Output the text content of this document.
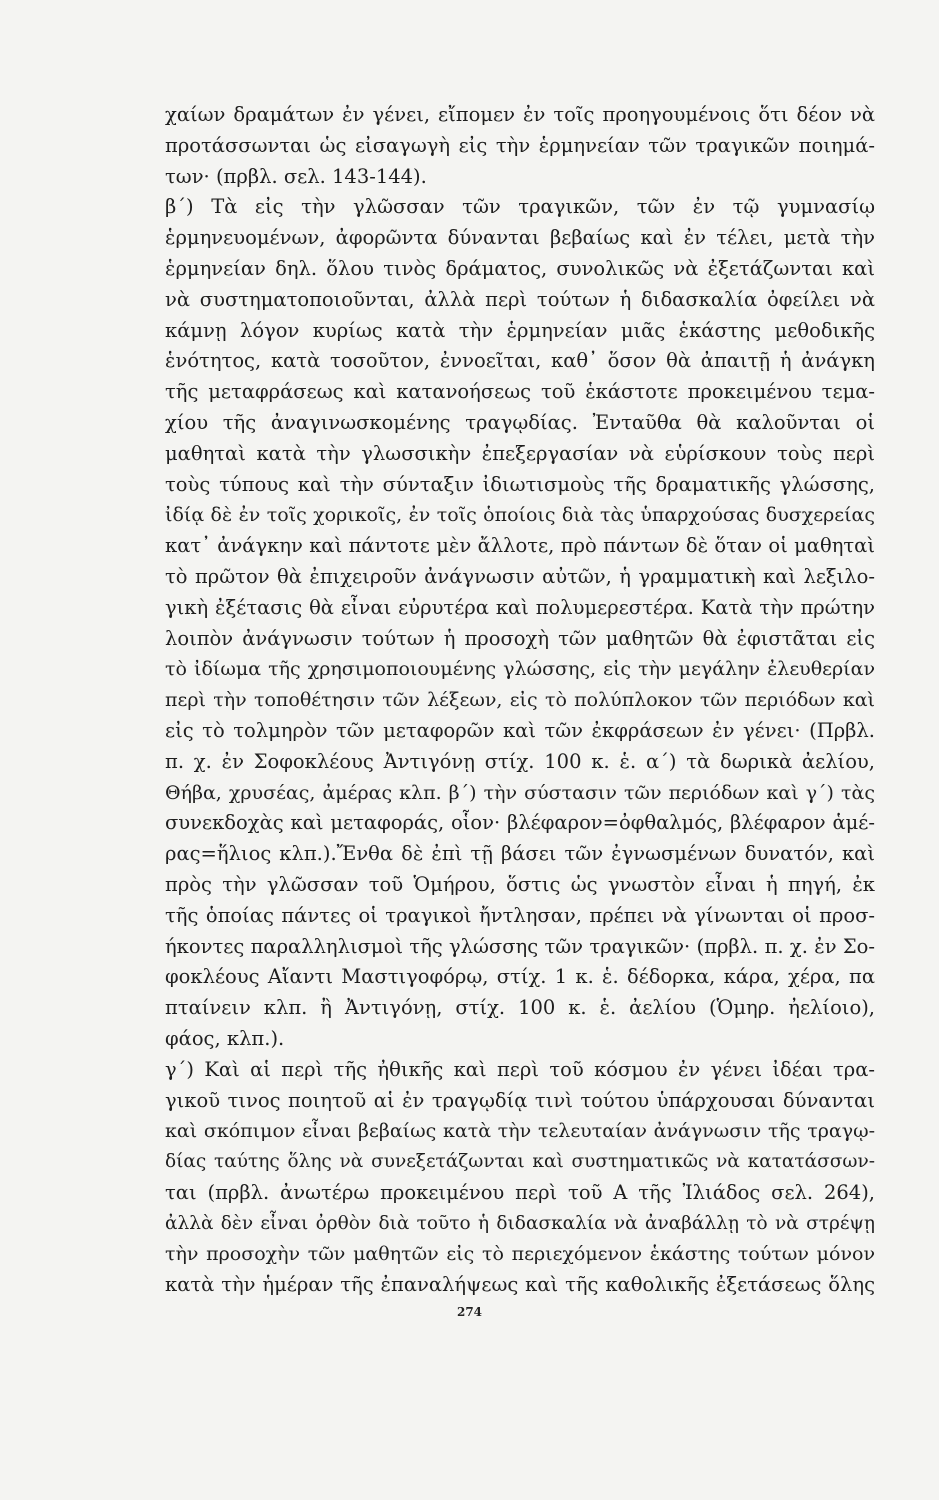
χαίων δραμάτων ἐν γένει, εἴπομεν ἐν τοῖς προηγουμένοις ὅτι δέον νὰ
προτάσσωνται ὡς εἰσαγωγὴ εἰς τὴν ἑρμηνείαν τῶν τραγικῶν ποιημά-
των· (πρβλ. σελ. 143-144).
β΄) Τὰ εἰς τὴν γλῶσσαν τῶν τραγικῶν, τῶν ἐν τῷ γυμνασίῳ
ἑρμηνευομένων, ἀφορῶντα δύνανται βεβαίως καὶ ἐν τέλει, μετὰ τὴν
ἑρμηνείαν δηλ. ὅλου τινὸς δράματος, συνολικῶς νὰ ἐξετάζωνται καὶ
νὰ συστηματοποιοῦνται, ἀλλὰ περὶ τούτων ἡ διδασκαλία ὀφείλει νὰ
κάμνῃ λόγον κυρίως κατὰ τὴν ἑρμηνείαν μιᾶς ἑκάστης μεθοδικῆς
ἑνότητος, κατὰ τοσοῦτον, ἐννοεῖται, καθ᾽ ὅσον θὰ ἀπαιτῇ ἡ ἀνάγκη
τῆς μεταφράσεως καὶ κατανοήσεως τοῦ ἑκάστοτε προκειμένου τεμα-
χίου τῆς ἀναγινωσκομένης τραγῳδίας. Ἐνταῦθα θὰ καλοῦνται οἱ
μαθηταὶ κατὰ τὴν γλωσσικὴν ἐπεξεργασίαν νὰ εὑρίσκουν τοὺς περὶ
τοὺς τύπους καὶ τὴν σύνταξιν ἰδιωτισμοὺς τῆς δραματικῆς γλώσσης,
ἰδίᾳ δὲ ἐν τοῖς χορικοῖς, ἐν τοῖς ὁποίοις διὰ τὰς ὑπαρχούσας δυσχερείας
κατ᾽ ἀνάγκην καὶ πάντοτε μὲν ἄλλοτε, πρὸ πάντων δὲ ὅταν οἱ μαθηταὶ
τὸ πρῶτον θὰ ἐπιχειροῦν ἀνάγνωσιν αὐτῶν, ἡ γραμματικὴ καὶ λεξιλο-
γικὴ ἐξέτασις θὰ εἶναι εὐρυτέρα καὶ πολυμερεστέρα. Κατὰ τὴν πρώτην
λοιπὸν ἀνάγνωσιν τούτων ἡ προσοχὴ τῶν μαθητῶν θὰ ἐφιστᾶται εἰς
τὸ ἰδίωμα τῆς χρησιμοποιουμένης γλώσσης, εἰς τὴν μεγάλην ἐλευθερίαν
περὶ τὴν τοποθέτησιν τῶν λέξεων, εἰς τὸ πολύπλοκον τῶν περιόδων καὶ
εἰς τὸ τολμηρὸν τῶν μεταφορῶν καὶ τῶν ἐκφράσεων ἐν γένει· (Πρβλ.
π. χ. ἐν Σοφοκλέους Ἀντιγόνῃ στίχ. 100 κ. ἑ. α΄) τὰ δωρικὰ ἀελίου,
Θήβα, χρυσέας, ἀμέρας κλπ. β΄) τὴν σύστασιν τῶν περιόδων καὶ γ΄) τὰς
συνεκδοχὰς καὶ μεταφοράς, οἷον· βλέφαρον=ὀφθαλμός, βλέφαρον ἁμέ-
ρας=ἥλιος κλπ.).Ἔνθα δὲ ἐπὶ τῇ βάσει τῶν ἐγνωσμένων δυνατόν, καὶ
πρὸς τὴν γλῶσσαν τοῦ Ὁμήρου, ὅστις ὡς γνωστὸν εἶναι ἡ πηγή, ἐκ
τῆς ὁποίας πάντες οἱ τραγικοὶ ἤντλησαν, πρέπει νὰ γίνωνται οἱ προσ-
ήκοντες παραλληλισμοὶ τῆς γλώσσης τῶν τραγικῶν· (πρβλ. π. χ. ἐν Σο-
φοκλέους Αἴαντι Μαστιγοφόρῳ, στίχ. 1 κ. ἑ. δέδορκα, κάρα, χέρα, πα
πταίνειν κλπ. ἢ Ἀντιγόνῃ, στίχ. 100 κ. ἑ. ἀελίου (Ὁμηρ. ἠελίοιο),
φάος, κλπ.).
γ΄) Καὶ αἱ περὶ τῆς ἠθικῆς καὶ περὶ τοῦ κόσμου ἐν γένει ἰδέαι τρα-
γικοῦ τινος ποιητοῦ αἱ ἐν τραγῳδίᾳ τινὶ τούτου ὑπάρχουσαι δύνανται
καὶ σκόπιμον εἶναι βεβαίως κατὰ τὴν τελευταίαν ἀνάγνωσιν τῆς τραγῳ-
δίας ταύτης ὅλης νὰ συνεξετάζωνται καὶ συστηματικῶς νὰ κατατάσσων-
ται (πρβλ. ἀνωτέρω προκειμένου περὶ τοῦ Α τῆς Ἰλιάδος σελ. 264),
ἀλλὰ δὲν εἶναι ὀρθὸν διὰ τοῦτο ἡ διδασκαλία νὰ ἀναβάλλῃ τὸ νὰ στρέψῃ
τὴν προσοχὴν τῶν μαθητῶν εἰς τὸ περιεχόμενον ἑκάστης τούτων μόνον
κατὰ τὴν ἡμέραν τῆς ἐπαναλήψεως καὶ τῆς καθολικῆς ἐξετάσεως ὅλης
274
